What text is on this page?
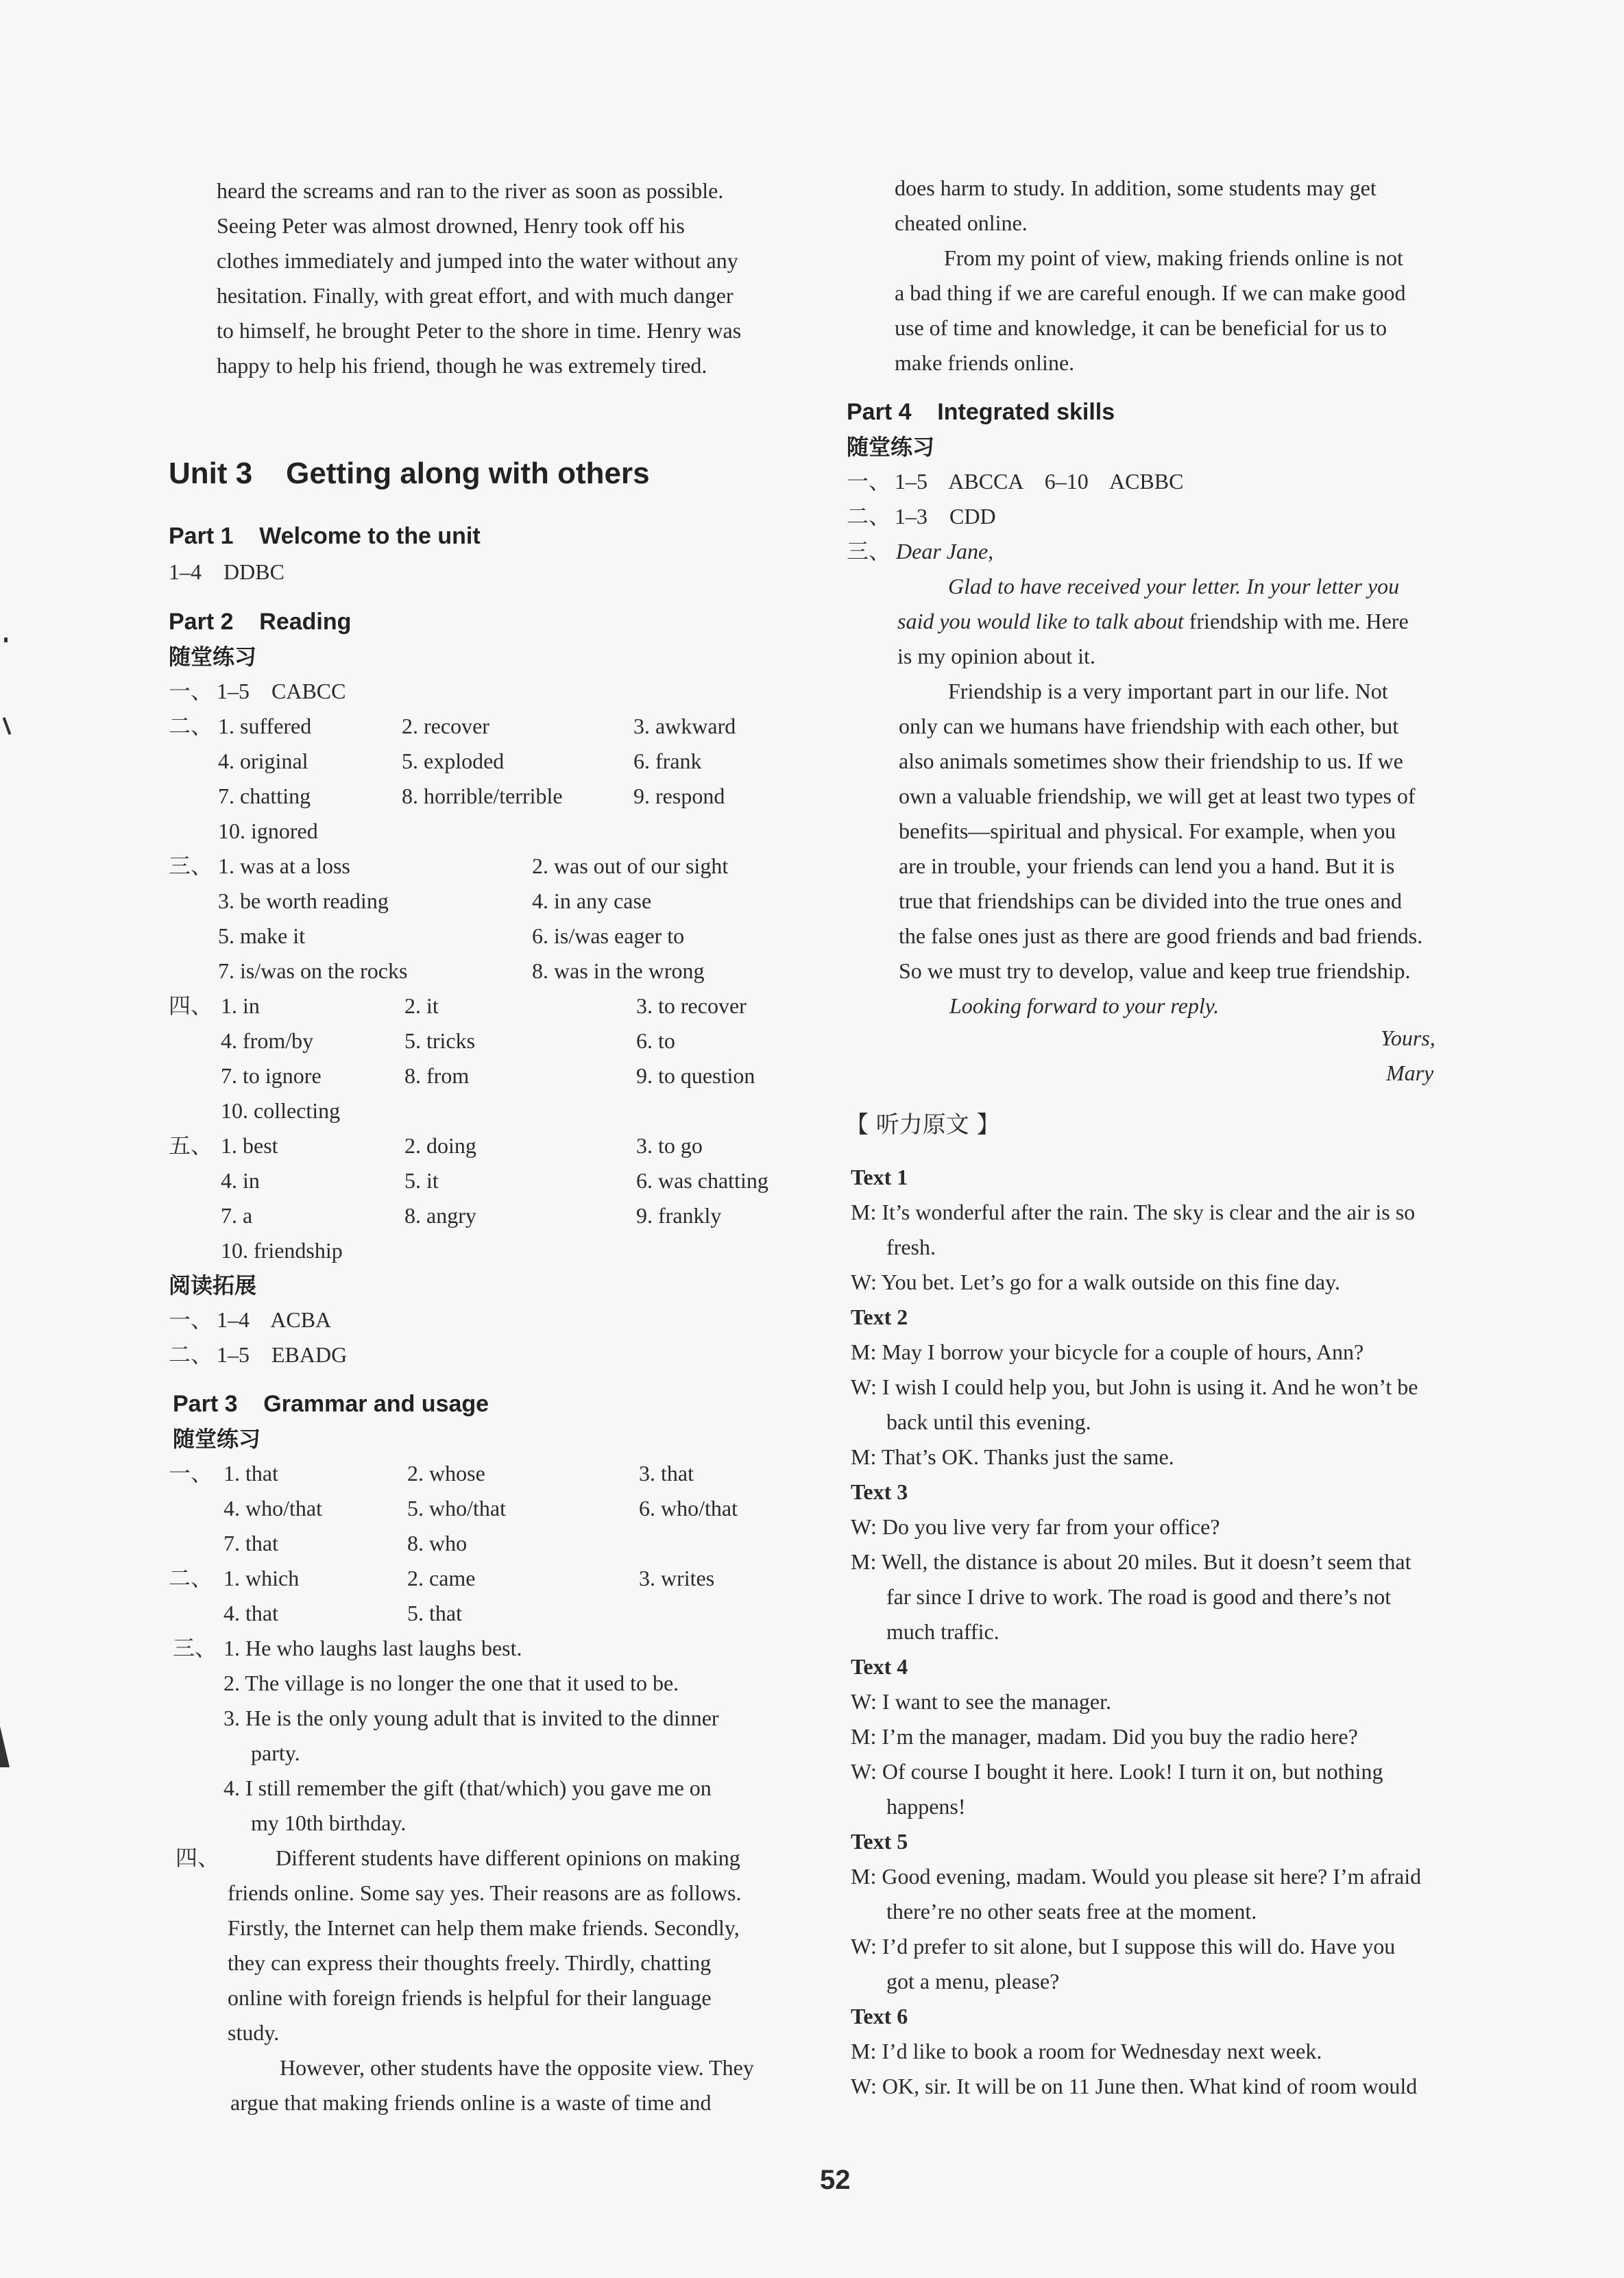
heard the screams and ran to the river as soon as possible.
Seeing Peter was almost drowned, Henry took off his
clothes immediately and jumped into the water without any
hesitation. Finally, with great effort, and with much danger
to himself, he brought Peter to the shore in time. Henry was
happy to help his friend, though he was extremely tired.
Unit 3    Getting along with others
Part 1    Welcome to the unit
1–4    DDBC
Part 2    Reading
随堂练习
一、 1–5    CABCC
二、 1. suffered
4. original
7. chatting
10. ignored
2. recover
5. exploded
8. horrible/terrible
3. awkward
6. frank
9. respond
三、 1. was at a loss
3. be worth reading
5. make it
7. is/was on the rocks
2. was out of our sight
4. in any case
6. is/was eager to
8. was in the wrong
四、 1. in
4. from/by
7. to ignore
10. collecting
2. it
5. tricks
8. from
3. to recover
6. to
9. to question
五、 1. best
4. in
7. a
10. friendship
2. doing
5. it
8. angry
3. to go
6. was chatting
9. frankly
阅读拓展
一、 1–4    ACBA
二、 1–5    EBADG
Part 3    Grammar and usage
随堂练习
一、 1. that
4. who/that
7. that
2. whose
5. who/that
8. who
3. that
6. who/that
二、 1. which
4. that
2. came
5. that
3. writes
三、 1. He who laughs last laughs best.
2. The village is no longer the one that it used to be.
3. He is the only young adult that is invited to the dinner
party.
4. I still remember the gift (that/which) you gave me on
my 10th birthday.
四、	Different students have different opinions on making
friends online. Some say yes. Their reasons are as follows.
Firstly, the Internet can help them make friends. Secondly,
they can express their thoughts freely. Thirdly, chatting
online with foreign friends is helpful for their language
study.
However, other students have the opposite view. They
argue that making friends online is a waste of time and
does harm to study. In addition, some students may get
cheated online.
From my point of view, making friends online is not
a bad thing if we are careful enough. If we can make good
use of time and knowledge, it can be beneficial for us to
make friends online.
Part 4    Integrated skills
随堂练习
一、 1–5    ABCCA    6–10    ACBBC
二、 1–3    CDD
三、 Dear Jane,
Glad to have received your letter. In your letter you
said you would like to talk about friendship with me. Here
is my opinion about it.
Friendship is a very important part in our life. Not
only can we humans have friendship with each other, but
also animals sometimes show their friendship to us. If we
own a valuable friendship, we will get at least two types of
benefits—spiritual and physical. For example, when you
are in trouble, your friends can lend you a hand. But it is
true that friendships can be divided into the true ones and
the false ones just as there are good friends and bad friends.
So we must try to develop, value and keep true friendship.
Looking forward to your reply.
Yours,
Mary
【 听力原文 】
Text 1
M: It’s wonderful after the rain. The sky is clear and the air is so
fresh.
W: You bet. Let’s go for a walk outside on this fine day.
Text 2
M: May I borrow your bicycle for a couple of hours, Ann?
W: I wish I could help you, but John is using it. And he won’t be
back until this evening.
M: That’s OK. Thanks just the same.
Text 3
W: Do you live very far from your office?
M: Well, the distance is about 20 miles. But it doesn’t seem that
far since I drive to work. The road is good and there’s not
much traffic.
Text 4
W: I want to see the manager.
M: I’m the manager, madam. Did you buy the radio here?
W: Of course I bought it here. Look! I turn it on, but nothing
happens!
Text 5
M: Good evening, madam. Would you please sit here? I’m afraid
there’re no other seats free at the moment.
W: I’d prefer to sit alone, but I suppose this will do. Have you
got a menu, please?
Text 6
M: I’d like to book a room for Wednesday next week.
W: OK, sir. It will be on 11 June then. What kind of room would
52
